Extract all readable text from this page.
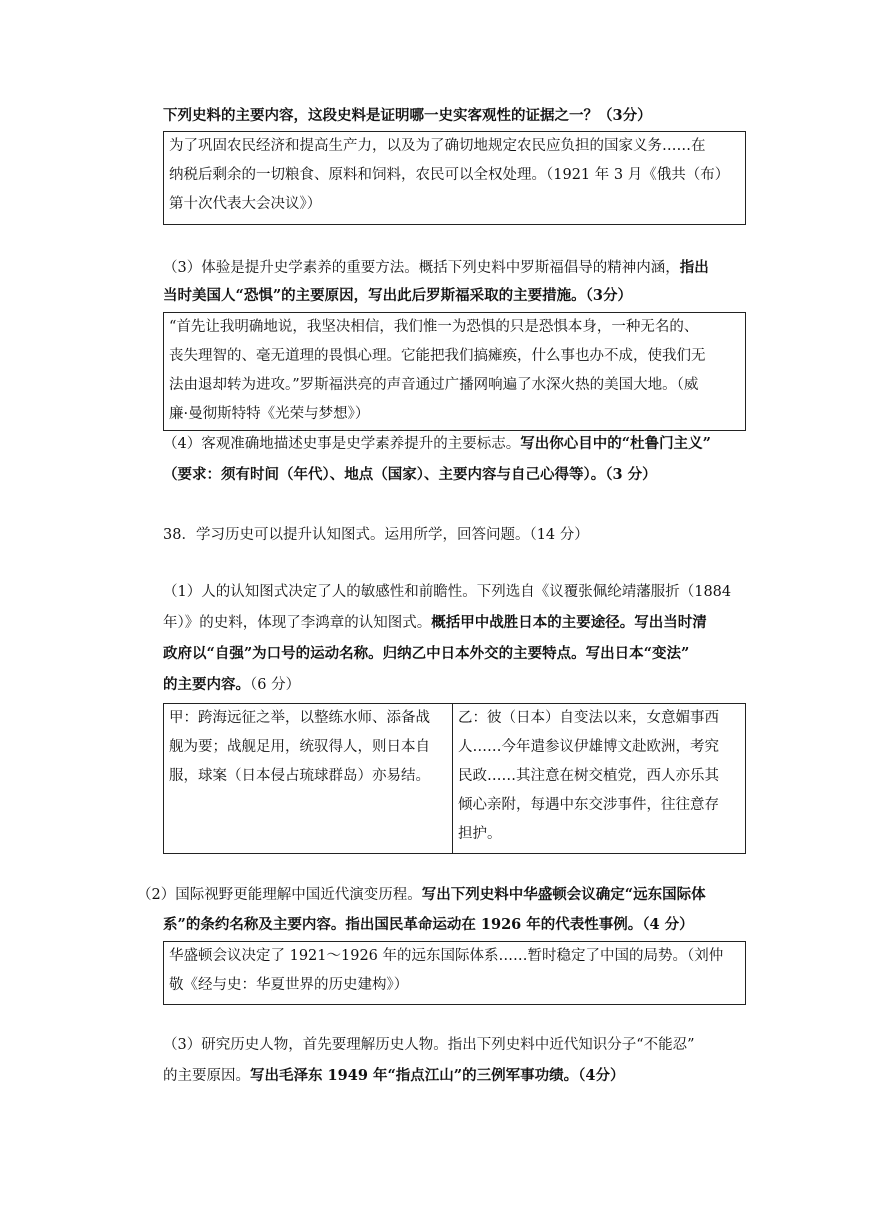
下列史料的主要内容，这段史料是证明哪一史实客观性的证据之一？（3分）
为了巩固农民经济和提高生产力，以及为了确切地规定农民应负担的国家义务……在
纳税后剩余的一切粮食、原料和饲料，农民可以全权处理。（1921 年 3 月《俄共（布）
第十次代表大会决议》）
（3）体验是提升史学素养的重要方法。概括下列史料中罗斯福倡导的精神内涵，指出
当时美国人“恐惧”的主要原因，写出此后罗斯福采取的主要措施。（3分）
“首先让我明确地说，我坚决相信，我们惟一为恐惧的只是恐惧本身，一种无名的、
丧失理智的、毫无道理的畏惧心理。它能把我们搞瘫痪，什么事也办不成，使我们无
法由退却转为进攻。”罗斯福洪亮的声音通过广播网响遍了水深火热的美国大地。（威
廉·曼彻斯特特《光荣与梦想》）
（4）客观准确地描述史事是史学素养提升的主要标志。写出你心目中的“杜鲁门主义”
（要求：须有时间（年代）、地点（国家）、主要内容与自己心得等）。（3 分）
38．学习历史可以提升认知图式。运用所学，回答问题。（14 分）
（1）人的认知图式决定了人的敏感性和前瞻性。下列选自《议覆张佩纶靖藩服折（1884
年）》的史料，体现了李鸿章的认知图式。概括甲中战胜日本的主要途径。写出当时清
政府以“自强”为口号的运动名称。归纳乙中日本外交的主要特点。写出日本“变法”
的主要内容。（6 分）
甲：跨海远征之举，以整练水师、添备战
舰为要；战舰足用，统驭得人，则日本自
服，球案（日本侵占琉球群岛）亦易结。

乙：彼（日本）自变法以来，女意媚事西
人……今年遣参议伊雄博文赴欧洲，考究
民政……其注意在树交植党，西人亦乐其
倾心亲附，每遇中东交涉事件，往往意存
担护。
（2）国际视野更能理解中国近代演变历程。写出下列史料中华盛顿会议确定“远东国际体
系”的条约名称及主要内容。指出国民革命运动在 1926 年的代表性事例。（4 分）
华盛顿会议决定了 1921～1926 年的远东国际体系……暂时稳定了中国的局势。（刘仲
敬《经与史：华夏世界的历史建构》）
（3）研究历史人物，首先要理解历史人物。指出下列史料中近代知识分子“不能忍”
的主要原因。写出毛泽东 1949 年“指点江山”的三例军事功绩。（4分）
